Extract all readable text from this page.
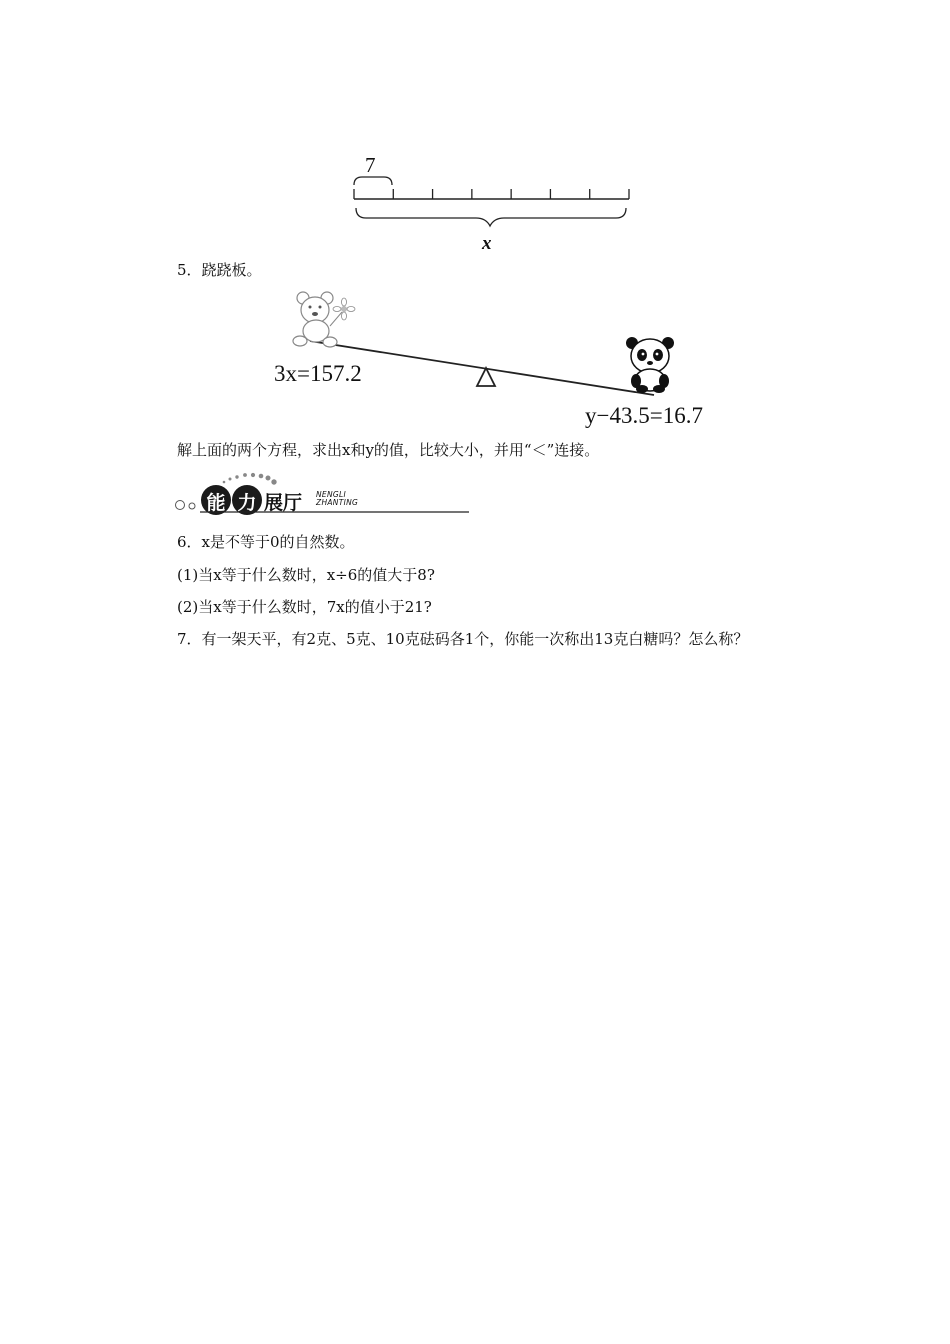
7
x
5．跷跷板。
3x=157.2
y−43.5=16.7
解上面的两个方程，求出x和y的值，比较大小，并用“＜”连接。
能 力 展厅 NENGLI
ZHANTING
6．x是不等于0的自然数。
(1)当x等于什么数时，x÷6的值大于8?
(2)当x等于什么数时，7x的值小于21?
7．有一架天平，有2克、5克、10克砝码各1个，你能一次称出13克白糖吗？怎么称？
